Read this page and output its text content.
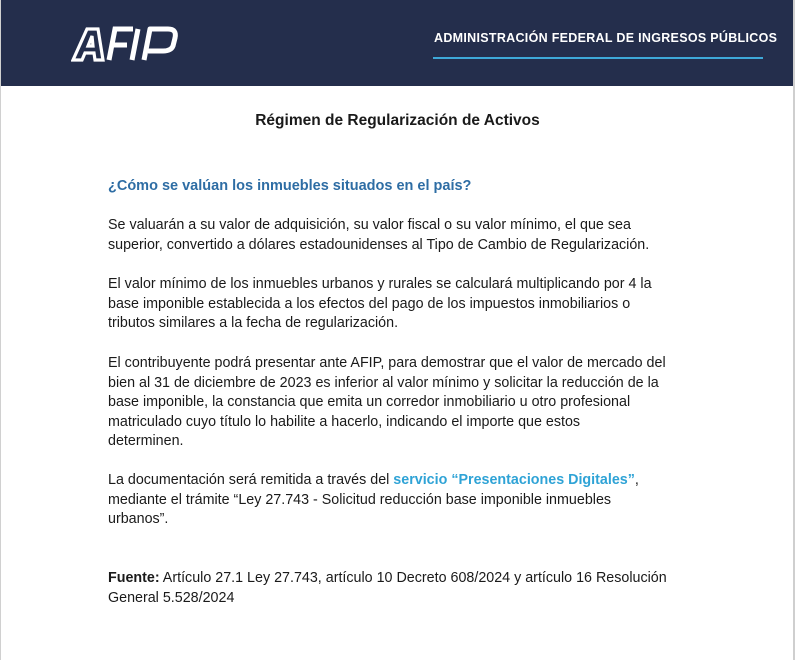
ADMINISTRACIÓN FEDERAL DE INGRESOS PÚBLICOS
Régimen de Regularización de Activos
¿Cómo se valúan los inmuebles situados en el país?

Se valuarán a su valor de adquisición, su valor fiscal o su valor mínimo, el que sea
superior, convertido a dólares estadounidenses al Tipo de Cambio de Regularización.

El valor mínimo de los inmuebles urbanos y rurales se calculará multiplicando por 4 la
base imponible establecida a los efectos del pago de los impuestos inmobiliarios o
tributos similares a la fecha de regularización.

El contribuyente podrá presentar ante AFIP, para demostrar que el valor de mercado del
bien al 31 de diciembre de 2023 es inferior al valor mínimo y solicitar la reducción de la
base imponible, la constancia que emita un corredor inmobiliario u otro profesional
matriculado cuyo título lo habilite a hacerlo, indicando el importe que estos
determinen.

La documentación será remitida a través del servicio “Presentaciones Digitales”,
mediante el trámite “Ley 27.743 - Solicitud reducción base imponible inmuebles
urbanos”.

Fuente: Artículo 27.1 Ley 27.743, artículo 10 Decreto 608/2024 y artículo 16 Resolución
General 5.528/2024
